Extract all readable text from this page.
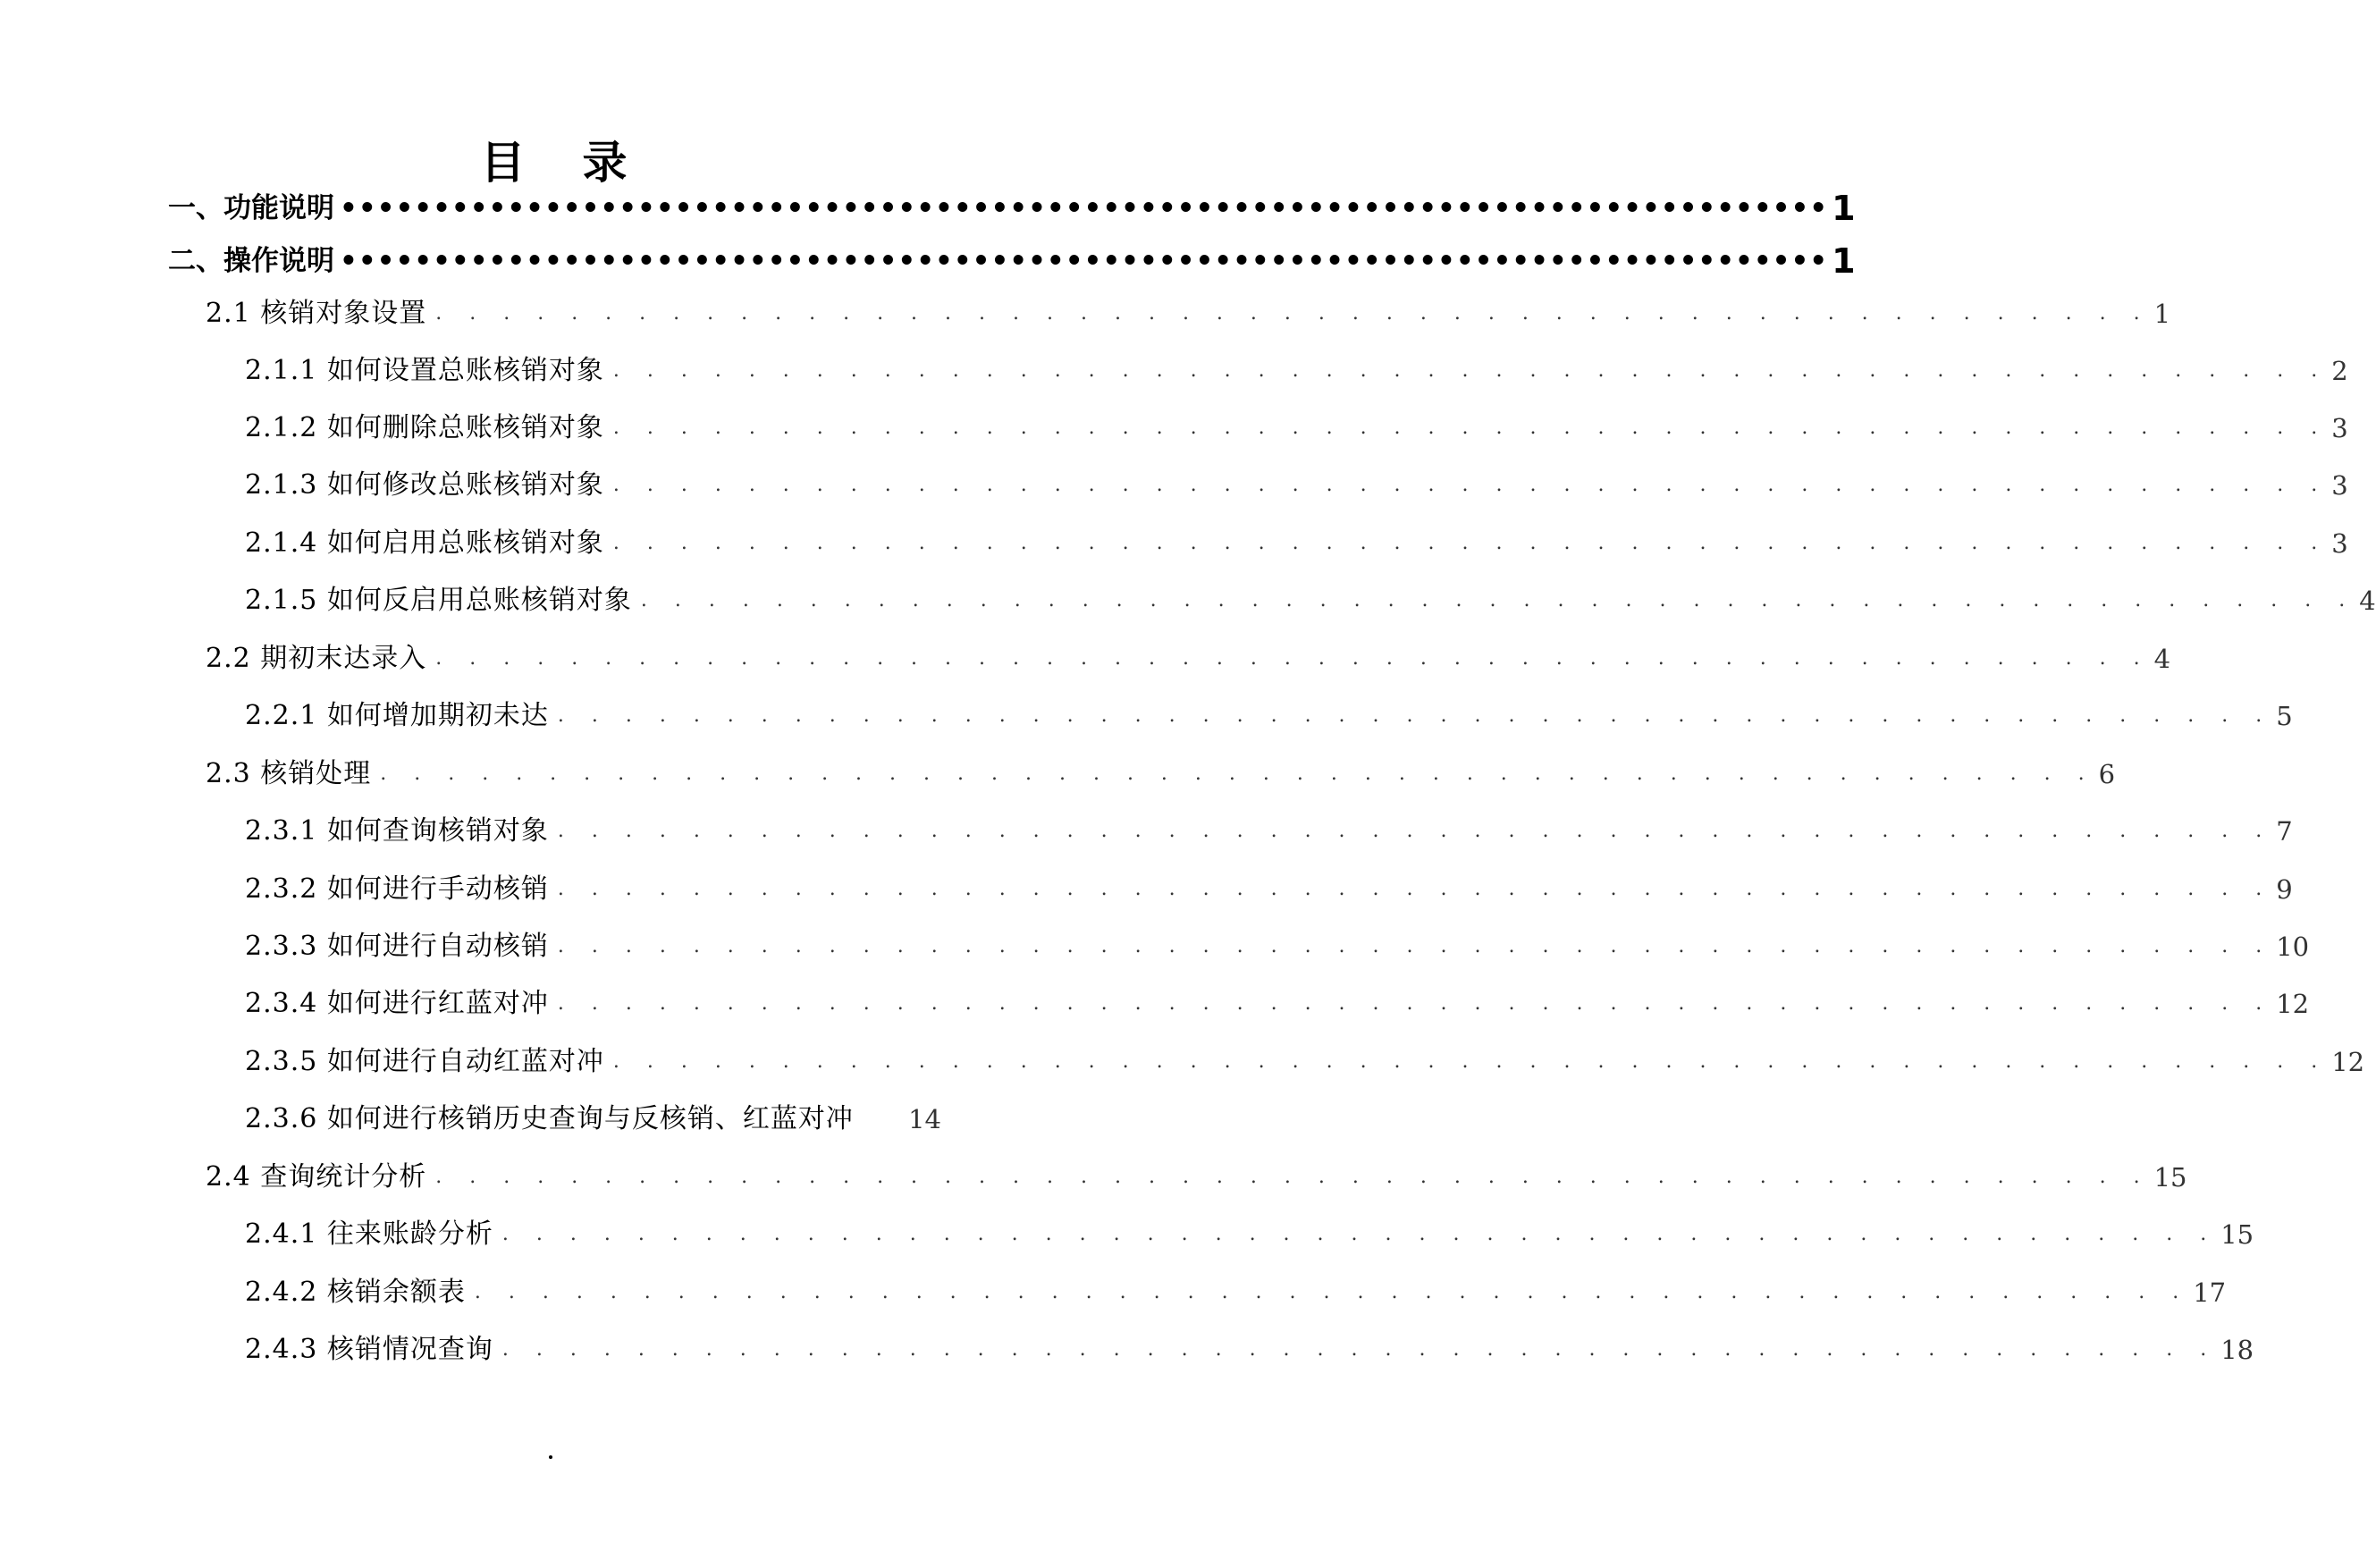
目 录
一、功能说明 •••••••••••••••••••••••••••••••••••••••••••••••••••••••••••••••••••••••••••••••• 1
二、操作说明 •••••••••••••••••••••••••••••••••••••••••••••••••••••••••••••••••••••••••••••••• 1
2.1 核销对象设置 . . . . . . . . . . . . . . . . . . . . . . . . . . . . . . . . . . . . . . . . . . . . . . . . . . . 1
2.1.1 如何设置总账核销对象 . . . . . . . . . . . . . . . . . . . . . . . . . . . . . . . . . . . . . . . . . . . . . . . . . . . 2
2.1.2 如何删除总账核销对象 . . . . . . . . . . . . . . . . . . . . . . . . . . . . . . . . . . . . . . . . . . . . . . . . . . . 3
2.1.3 如何修改总账核销对象 . . . . . . . . . . . . . . . . . . . . . . . . . . . . . . . . . . . . . . . . . . . . . . . . . . . 3
2.1.4 如何启用总账核销对象 . . . . . . . . . . . . . . . . . . . . . . . . . . . . . . . . . . . . . . . . . . . . . . . . . . . 3
2.1.5 如何反启用总账核销对象 . . . . . . . . . . . . . . . . . . . . . . . . . . . . . . . . . . . . . . . . . . . . . . . . . . . 4
2.2 期初末达录入 . . . . . . . . . . . . . . . . . . . . . . . . . . . . . . . . . . . . . . . . . . . . . . . . . . . 4
2.2.1 如何增加期初未达 . . . . . . . . . . . . . . . . . . . . . . . . . . . . . . . . . . . . . . . . . . . . . . . . . . . 5
2.3 核销处理 . . . . . . . . . . . . . . . . . . . . . . . . . . . . . . . . . . . . . . . . . . . . . . . . . . . 6
2.3.1 如何查询核销对象 . . . . . . . . . . . . . . . . . . . . . . . . . . . . . . . . . . . . . . . . . . . . . . . . . . . 7
2.3.2 如何进行手动核销 . . . . . . . . . . . . . . . . . . . . . . . . . . . . . . . . . . . . . . . . . . . . . . . . . . . 9
2.3.3 如何进行自动核销 . . . . . . . . . . . . . . . . . . . . . . . . . . . . . . . . . . . . . . . . . . . . . . . . . . . 10
2.3.4 如何进行红蓝对冲 . . . . . . . . . . . . . . . . . . . . . . . . . . . . . . . . . . . . . . . . . . . . . . . . . . . 12
2.3.5 如何进行自动红蓝对冲 . . . . . . . . . . . . . . . . . . . . . . . . . . . . . . . . . . . . . . . . . . . . . . . . . . . 12
2.3.6 如何进行核销历史查询与反核销、红蓝对冲 14
2.4 查询统计分析 . . . . . . . . . . . . . . . . . . . . . . . . . . . . . . . . . . . . . . . . . . . . . . . . . . . 15
2.4.1 往来账龄分析 . . . . . . . . . . . . . . . . . . . . . . . . . . . . . . . . . . . . . . . . . . . . . . . . . . . 15
2.4.2 核销余额表 . . . . . . . . . . . . . . . . . . . . . . . . . . . . . . . . . . . . . . . . . . . . . . . . . . . 17
2.4.3 核销情况查询 . . . . . . . . . . . . . . . . . . . . . . . . . . . . . . . . . . . . . . . . . . . . . . . . . . . 18
